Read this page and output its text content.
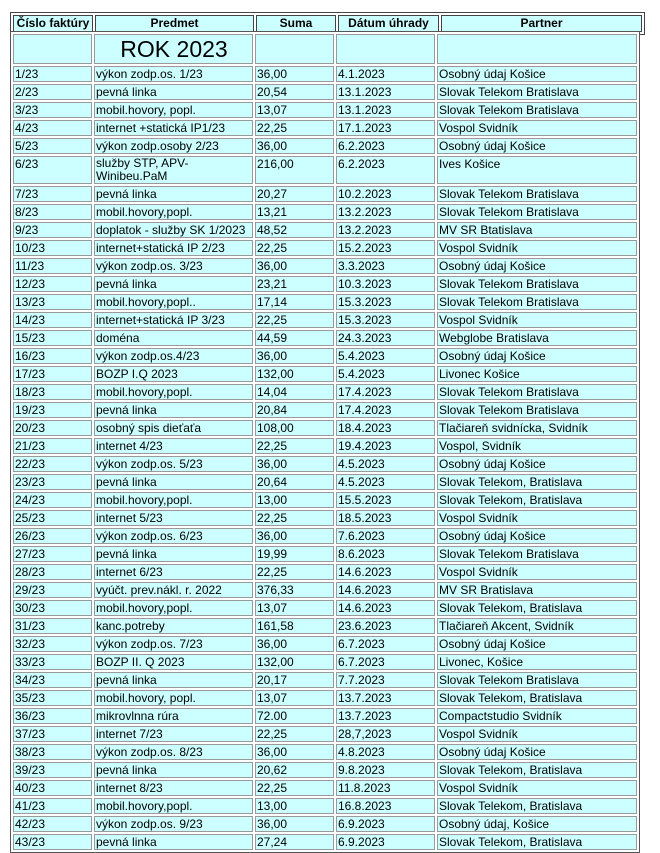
Číslo faktúry	Predmet	Suma	Dátum úhrady	Partner
	ROK 2023			
1/23	výkon zodp.os. 1/23	36,00	4.1.2023	Osobný údaj Košice
2/23	pevná linka	20,54	13.1.2023	Slovak Telekom Bratislava
3/23	mobil.hovory, popl.	13,07	13.1.2023	Slovak Telekom Bratislava
4/23	internet +statická IP1/23	22,25	17.1.2023	Vospol Svidník
5/23	výkon zodp.osoby 2/23	36,00	6.2.2023	Osobný údaj Košice
6/23	služby STP, APV-Winibeu.PaM	216,00	6.2.2023	Ives Košice
7/23	pevná linka	20,27	10.2.2023	Slovak Telekom Bratislava
8/23	mobil.hovory,popl.	13,21	13.2.2023	Slovak Telekom Bratislava
9/23	doplatok - služby SK 1/2023	48,52	13.2.2023	MV SR Btatislava
10/23	internet+statická IP 2/23	22,25	15.2.2023	Vospol Svidník
11/23	výkon zodp.os. 3/23	36,00	3.3.2023	Osobný údaj Košice
12/23	pevná linka	23,21	10.3.2023	Slovak Telekom Bratislava
13/23	mobil.hovory,popl..	17,14	15.3.2023	Slovak Telekom Bratislava
14/23	internet+statická IP 3/23	22,25	15.3.2023	Vospol Svidník
15/23	doména	44,59	24.3.2023	Webglobe Bratislava
16/23	výkon zodp.os.4/23	36,00	5.4.2023	Osobný údaj Košice
17/23	BOZP I.Q 2023	132,00	5.4.2023	Livonec Košice
18/23	mobil.hovory,popl.	14,04	17.4.2023	Slovak Telekom Bratislava
19/23	pevná linka	20,84	17.4.2023	Slovak Telekom Bratislava
20/23	osobný spis dieťaťa	108,00	18.4.2023	Tlačiareň svidnícka, Svidník
21/23	internet 4/23	22,25	19.4.2023	Vospol, Svidník
22/23	výkon zodp.os. 5/23	36,00	4.5.2023	Osobný údaj Košice
23/23	pevná linka	20,64	4.5.2023	Slovak Telekom, Bratislava
24/23	mobil.hovory,popl.	13,00	15.5.2023	Slovak Telekom, Bratislava
25/23	internet 5/23	22,25	18.5.2023	Vospol Svidník
26/23	výkon zodp.os. 6/23	36,00	7.6.2023	Osobný údaj Košice
27/23	pevná linka	19,99	8.6.2023	Slovak Telekom Bratislava
28/23	internet 6/23	22,25	14.6.2023	Vospol Svidník
29/23	vyúčt. prev.nákl. r. 2022	376,33	14.6.2023	MV SR Bratislava
30/23	mobil.hovory,popl.	13,07	14.6.2023	Slovak Telekom, Bratislava
31/23	kanc.potreby	161,58	23.6.2023	Tlačiareň Akcent, Svidník
32/23	výkon zodp.os. 7/23	36,00	6.7.2023	Osobný údaj Košice
33/23	BOZP II. Q 2023	132,00	6.7.2023	Livonec, Košice
34/23	pevná linka	20,17	7.7.2023	Slovak Telekom Bratislava
35/23	mobil.hovory, popl.	13,07	13.7.2023	Slovak Telekom, Bratislava
36/23	mikrovlnna rúra	72.00	13.7.2023	Compactstudio Svidník
37/23	internet 7/23	22,25	28,7,2023	Vospol Svidník
38/23	výkon zodp.os. 8/23	36,00	4.8.2023	Osobný údaj Košice
39/23	pevná linka	20,62	9.8.2023	Slovak Telekom, Bratislava
40/23	internet 8/23	22,25	11.8.2023	Vospol Svidník
41/23	mobil.hovory,popl.	13,00	16.8.2023	Slovak Telekom, Bratislava
42/23	výkon zodp.os. 9/23	36,00	6.9.2023	Osobný údaj, Košice
43/23	pevná linka	27,24	6.9.2023	Slovak Telekom, Bratislava
